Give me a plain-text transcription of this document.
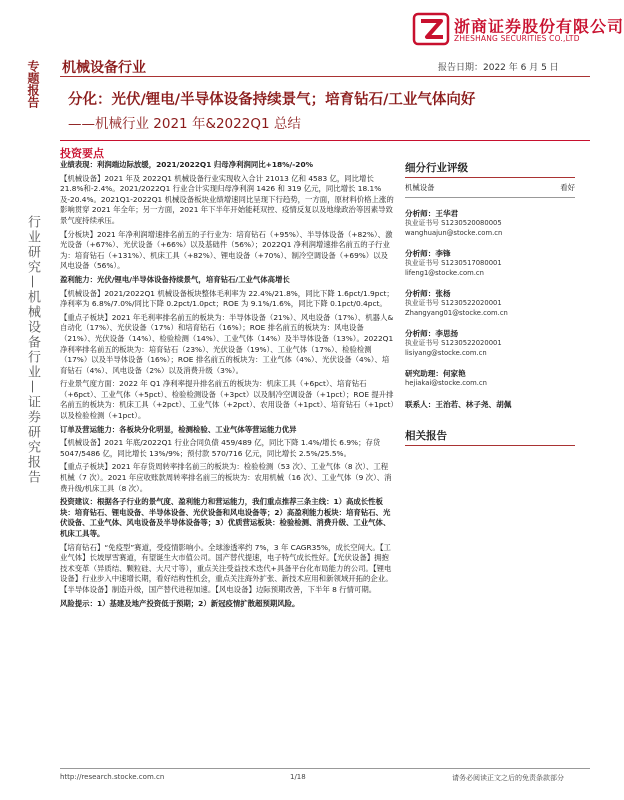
浙商证券股份有限公司
ZHESHANG SECURITIES CO.,LTD
机械设备行业	报告日期：2022 年 6 月 5 日
专题报告
行业研究—机械设备行业—证券研究报告
分化：光伏/锂电/半导体设备持续景气；培育钻石/工业气体向好
——机械行业 2021 年&2022Q1 总结
投资要点

业绩表现：利润端边际放缓，2021/2022Q1 归母净利润同比+18%/-20%

【机械设备】2021 年及 2022Q1 机械设备行业实现收入合计 21013 亿和 4583 亿，同比增长 21.8%和-2.4%。2021/2022Q1 行业合计实现归母净利润 1426 和 319 亿元，同比增长 18.1%及-20.4%。2021Q1-2022Q1 机械设备板块业绩增速同比呈现下行趋势，一方面，原材料价格上涨的影响贯穿 2021 年全年；另一方面，2021 年下半年开始能耗双控、疫情反复以及地缘政治等因素导致景气度持续承压。

【分板块】2021 年净利润增速排名前五的子行业为：培育钻石（+95%）、半导体设备（+82%）、激光设备（+67%）、光伏设备（+66%）以及基础件（56%）；2022Q1 净利润增速排名前五的子行业为：培育钻石（+131%）、机床工具（+82%）、锂电设备（+70%）、制冷空调设备（+69%）以及风电设备（56%）。

盈利能力：光伏/锂电/半导体设备持续景气，培育钻石/工业气体高增长

【机械设备】2021/2022Q1 机械设备板块整体毛利率为 22.4%/21.8%，同比下降 1.6pct/1.9pct；净利率为 6.8%/7.0%/同比下降 0.2pct/1.0pct；ROE 为 9.1%/1.6%，同比下降 0.1pct/0.4pct。

【重点子板块】2021 年毛利率排名前五的板块为：半导体设备（21%）、风电设备（17%）、机器人&自动化（17%）、光伏设备（17%）和培育钻石（16%）；ROE 排名前五的板块为：风电设备（21%）、光伏设备（14%）、检验检测（14%）、工业气体（14%）及半导体设备（13%）。2022Q1 净利率排名前五的板块为：培育钻石（23%）、光伏设备（19%）、工业气体（17%）、检验检测（17%）以及半导体设备（16%）；ROE 排名前五的板块为：工业气体（4%）、光伏设备（4%）、培育钻石（4%）、风电设备（2%）以及消费升级（3%）。

行业景气度方面：2022 年 Q1 净利率提升排名前五的板块为：机床工具（+6pct）、培育钻石（+6pct）、工业气体（+5pct）、检验检测设备（+3pct）以及制冷空调设备（+1pct）；ROE 提升排名前五的板块为：机床工具（+2pct）、工业气体（+2pct）、农用设备（+1pct）、培育钻石（+1pct）以及检验检测（+1pct）。

订单及营运能力：各板块分化明显，检测检验、工业气体等营运能力优异

【机械设备】2021 年底/2022Q1 行业合同负债 459/489 亿，同比下降 1.4%/增长 6.9%；存货 5047/5486 亿，同比增长 13%/9%；预付款 570/716 亿元，同比增长 2.5%/25.5%。

【重点子板块】2021 年存货周转率排名前三的板块为：检验检测（53 次）、工业气体（8 次）、工程机械（7 次）。2021 年应收账款周转率排名前三的板块为：农用机械（16 次）、工业气体（9 次）、消费升级/机床工具（8 次）。

投资建议：根据各子行业的景气度、盈利能力和营运能力，我们重点推荐三条主线：1）高成长性板块：培育钻石、锂电设备、半导体设备、光伏设备和风电设备等；2）高盈利能力板块：培育钻石、光伏设备、工业气体、风电设备及半导体设备等；3）优质营运板块：检验检测、消费升级、工业气体、机床工具等。

【培育钻石】“免疫型”赛道，受疫情影响小。全球渗透率约 7%，3 年 CAGR35%，成长空间大。【工业气体】长坡厚雪赛道，有望诞生大市值公司。国产替代提速，电子特气成长性好。【光伏设备】拥抱技术变革（异质结、颗粒硅、大尺寸等），重点关注受益技术迭代+具备平台化布局能力的公司。【锂电设备】行业步入中速增长期，看好结构性机会，重点关注海外扩张、新技术应用和新领域开拓的企业。【半导体设备】制造升级，国产替代进程加速。【风电设备】边际预期改善，下半年 8 行情可期。

风险提示：1）基建及地产投资低于预期；2）新冠疫情扩散超预期风险。

细分行业评级
机械设备	看好
分析师：王华君
执业证书号 S1230520080005
wanghuajun@stocke.com.cn
分析师：李锋
执业证书号 S1230517080001
lifeng1@stocke.com.cn
分析师：张杨
执业证书号 S1230522020001
Zhangyang01@stocke.com.cn
分析师：李思扬
执业证书号 S1230522020001
lisiyang@stocke.com.cn
研究助理：何家艳
hejiakai@stocke.com.cn
联系人：王治若、林子尧、胡佩
相关报告
http://research.stocke.com.cn	1/18	请务必阅读正文之后的免责条款部分
